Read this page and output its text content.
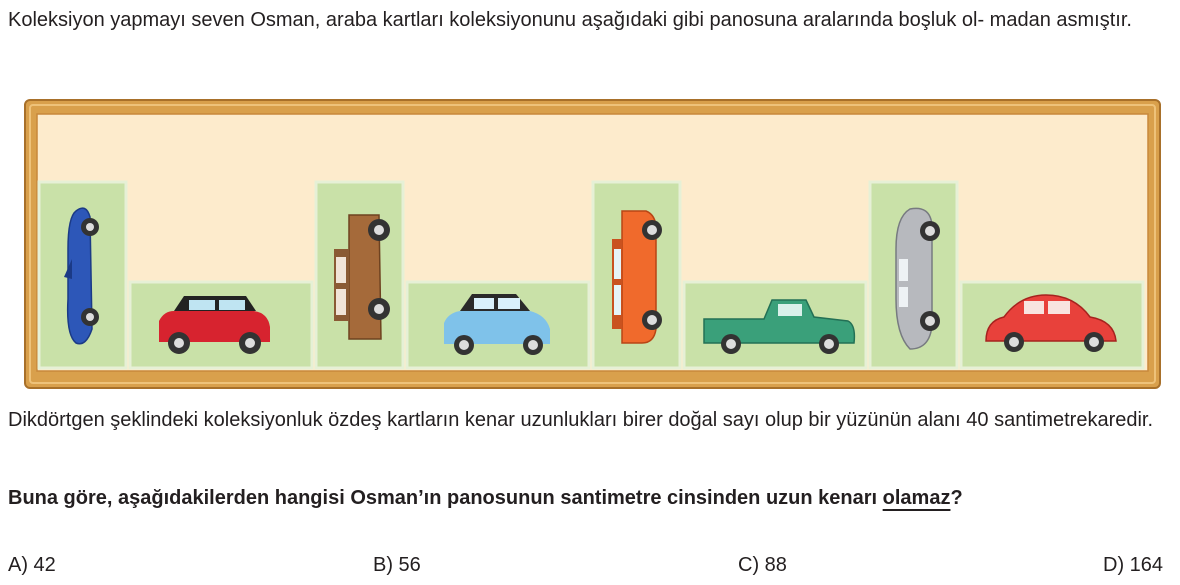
Koleksiyon yapmayı seven Osman, araba kartları koleksiyonunu aşağıdaki gibi panosuna aralarında boşluk ol- madan asmıştır.

Dikdörtgen şeklindeki koleksiyonluk özdeş kartların kenar uzunlukları birer doğal sayı olup bir yüzünün alanı 40 santimetrekaredir.

Buna göre, aşağıdakilerden hangisi Osman’ın panosunun santimetre cinsinden uzun kenarı olamaz?

A) 42	B) 56	C) 88	D) 164
